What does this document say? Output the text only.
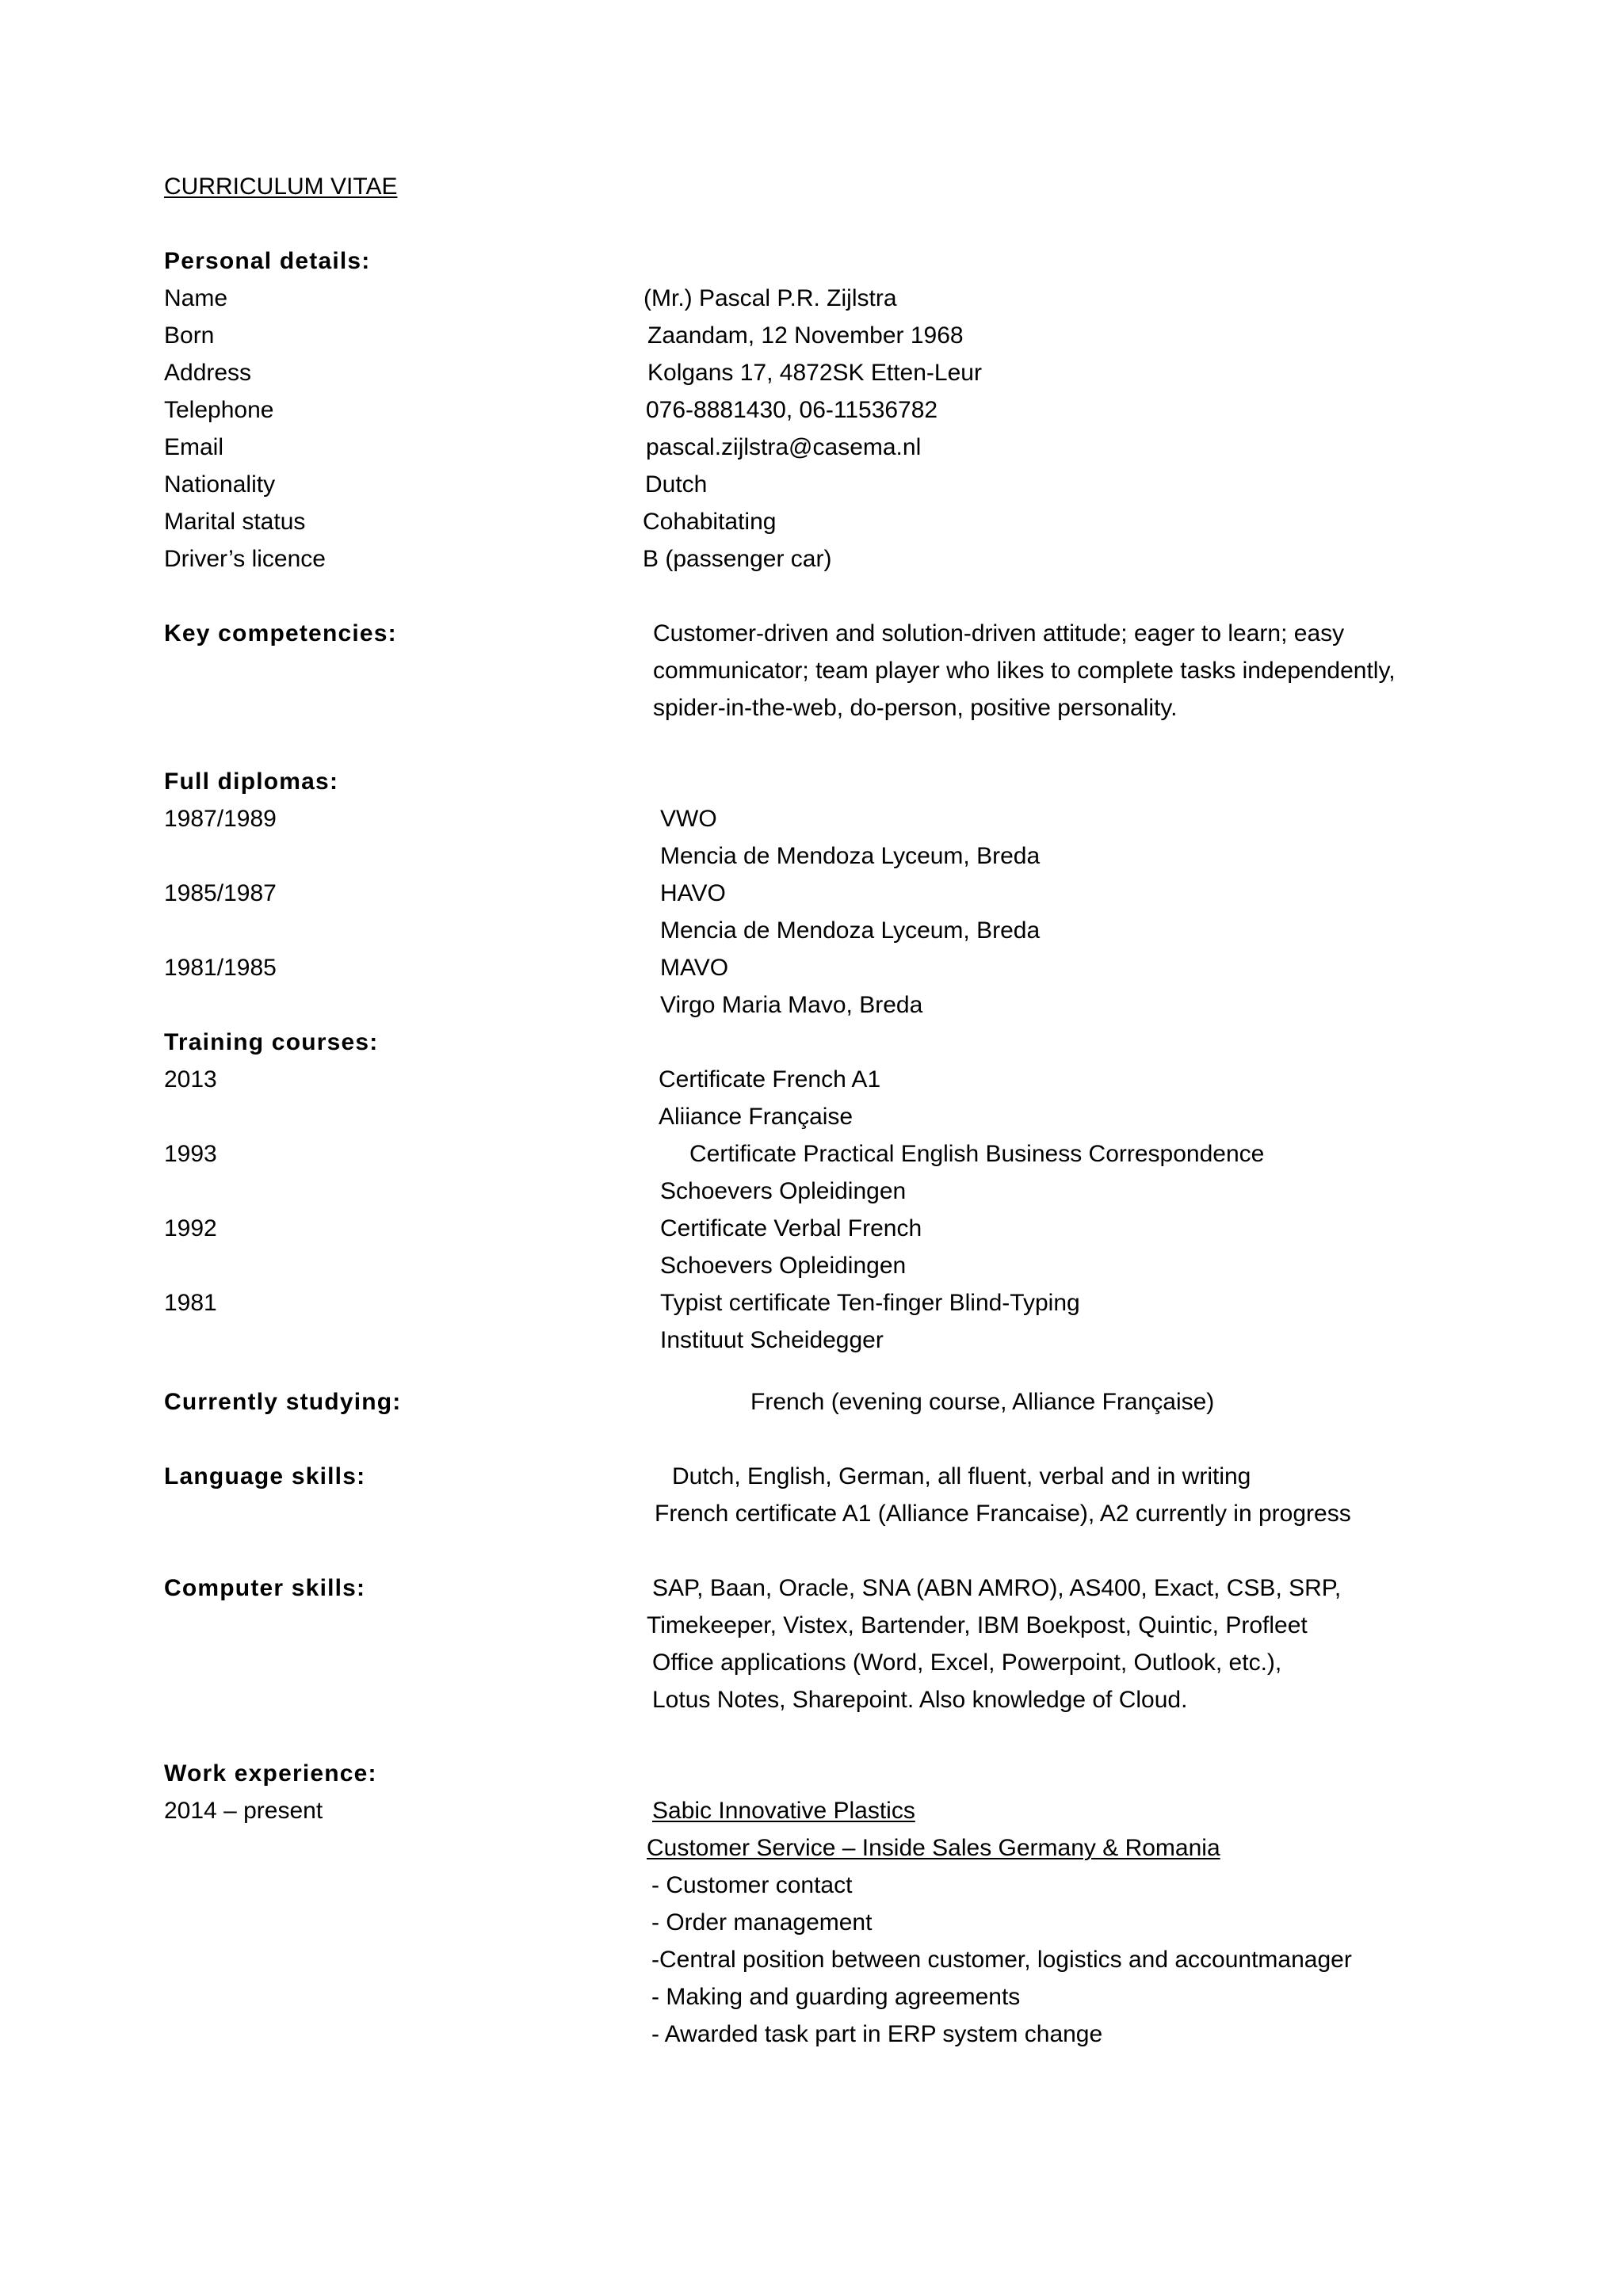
CURRICULUM VITAE
Personal details:
Name	(Mr.) Pascal P.R. Zijlstra
Born	Zaandam, 12 November 1968
Address	Kolgans 17, 4872SK Etten-Leur
Telephone	076-8881430, 06-11536782
Email	pascal.zijlstra@casema.nl
Nationality	Dutch
Marital status	Cohabitating
Driver’s licence	B (passenger car)
Key competencies:	Customer-driven and solution-driven attitude; eager to learn; easy
communicator; team player who likes to complete tasks independently,
spider-in-the-web, do-person, positive personality.
Full diplomas:
1987/1989	VWO
Mencia de Mendoza Lyceum, Breda
1985/1987	HAVO
Mencia de Mendoza Lyceum, Breda
1981/1985	MAVO
Virgo Maria Mavo, Breda
Training courses:
2013	Certificate French A1
Aliiance Française
1993	Certificate Practical English Business Correspondence
Schoevers Opleidingen
1992	Certificate Verbal French
Schoevers Opleidingen
1981	Typist certificate Ten-finger Blind-Typing
Instituut Scheidegger
Currently studying:	French (evening course, Alliance Française)
Language skills:	Dutch, English, German, all fluent, verbal and in writing
French certificate A1 (Alliance Francaise), A2 currently in progress
Computer skills:	SAP, Baan, Oracle, SNA (ABN AMRO), AS400, Exact, CSB, SRP,
Timekeeper, Vistex, Bartender, IBM Boekpost, Quintic, Profleet
Office applications (Word, Excel, Powerpoint, Outlook, etc.),
Lotus Notes, Sharepoint. Also knowledge of Cloud.
Work experience:
2014 – present	Sabic Innovative Plastics
Customer Service – Inside Sales Germany & Romania
- Customer contact
- Order management
-Central position between customer, logistics and accountmanager
- Making and guarding agreements
- Awarded task part in ERP system change
